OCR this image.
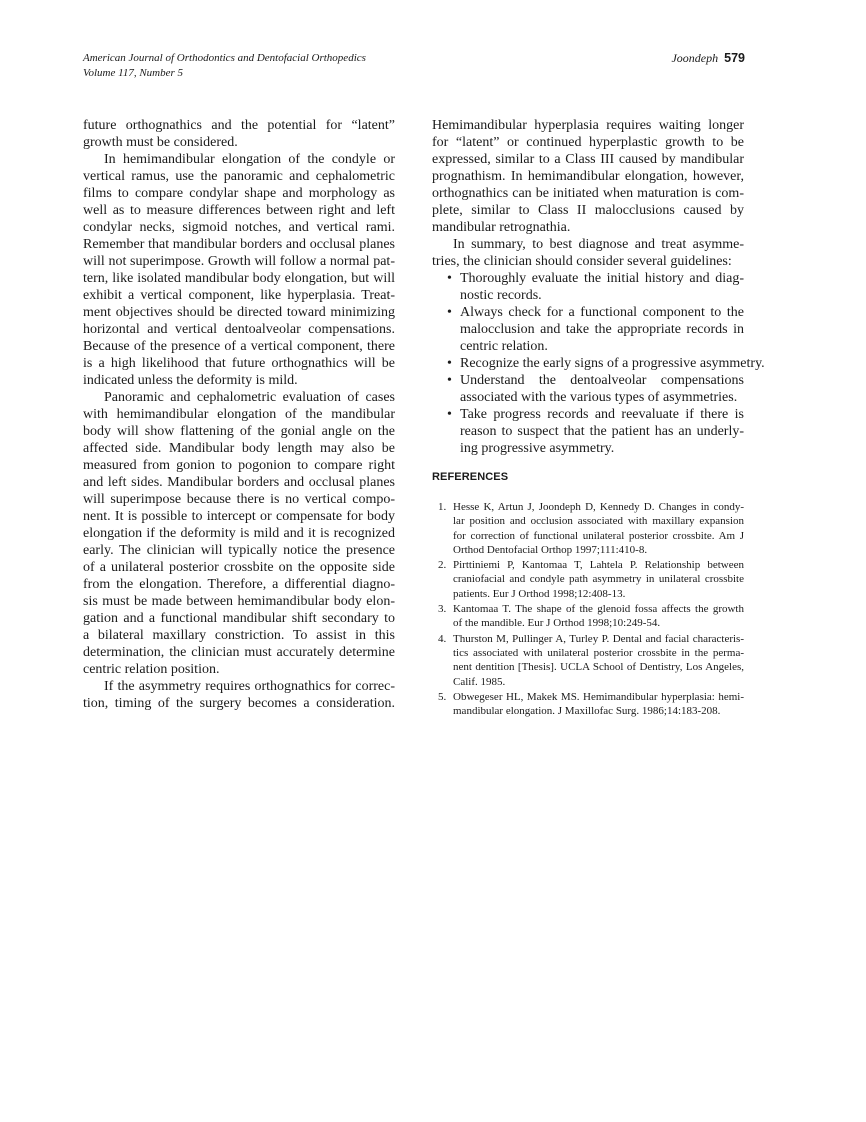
American Journal of Orthodontics and Dentofacial Orthopedics
Volume 117, Number 5
Joondeph 579
future orthognathics and the potential for “latent”
growth must be considered.
In hemimandibular elongation of the condyle or
vertical ramus, use the panoramic and cephalometric
films to compare condylar shape and morphology as
well as to measure differences between right and left
condylar necks, sigmoid notches, and vertical rami.
Remember that mandibular borders and occlusal planes
will not superimpose. Growth will follow a normal pat-
tern, like isolated mandibular body elongation, but will
exhibit a vertical component, like hyperplasia. Treat-
ment objectives should be directed toward minimizing
horizontal and vertical dentoalveolar compensations.
Because of the presence of a vertical component, there
is a high likelihood that future orthognathics will be
indicated unless the deformity is mild.
Panoramic and cephalometric evaluation of cases
with hemimandibular elongation of the mandibular
body will show flattening of the gonial angle on the
affected side. Mandibular body length may also be
measured from gonion to pogonion to compare right
and left sides. Mandibular borders and occlusal planes
will superimpose because there is no vertical compo-
nent. It is possible to intercept or compensate for body
elongation if the deformity is mild and it is recognized
early. The clinician will typically notice the presence
of a unilateral posterior crossbite on the opposite side
from the elongation. Therefore, a differential diagno-
sis must be made between hemimandibular body elon-
gation and a functional mandibular shift secondary to
a bilateral maxillary constriction. To assist in this
determination, the clinician must accurately determine
centric relation position.
If the asymmetry requires orthognathics for correc-
tion, timing of the surgery becomes a consideration.
Hemimandibular hyperplasia requires waiting longer
for “latent” or continued hyperplastic growth to be
expressed, similar to a Class III caused by mandibular
prognathism. In hemimandibular elongation, however,
orthognathics can be initiated when maturation is com-
plete, similar to Class II malocclusions caused by
mandibular retrognathia.
In summary, to best diagnose and treat asymme-
tries, the clinician should consider several guidelines:
• Thoroughly evaluate the initial history and diag-
nostic records.
• Always check for a functional component to the
malocclusion and take the appropriate records in
centric relation.
• Recognize the early signs of a progressive asymmetry.
• Understand the dentoalveolar compensations
associated with the various types of asymmetries.
• Take progress records and reevaluate if there is
reason to suspect that the patient has an underly-
ing progressive asymmetry.
REFERENCES
1. Hesse K, Artun J, Joondeph D, Kennedy D. Changes in condy-
lar position and occlusion associated with maxillary expansion
for correction of functional unilateral posterior crossbite. Am J
Orthod Dentofacial Orthop 1997;111:410-8.
2. Pirttiniemi P, Kantomaa T, Lahtela P. Relationship between
craniofacial and condyle path asymmetry in unilateral crossbite
patients. Eur J Orthod 1998;12:408-13.
3. Kantomaa T. The shape of the glenoid fossa affects the growth
of the mandible. Eur J Orthod 1998;10:249-54.
4. Thurston M, Pullinger A, Turley P. Dental and facial characteris-
tics associated with unilateral posterior crossbite in the perma-
nent dentition [Thesis]. UCLA School of Dentistry, Los Angeles,
Calif. 1985.
5. Obwegeser HL, Makek MS. Hemimandibular hyperplasia: hemi-
mandibular elongation. J Maxillofac Surg. 1986;14:183-208.
